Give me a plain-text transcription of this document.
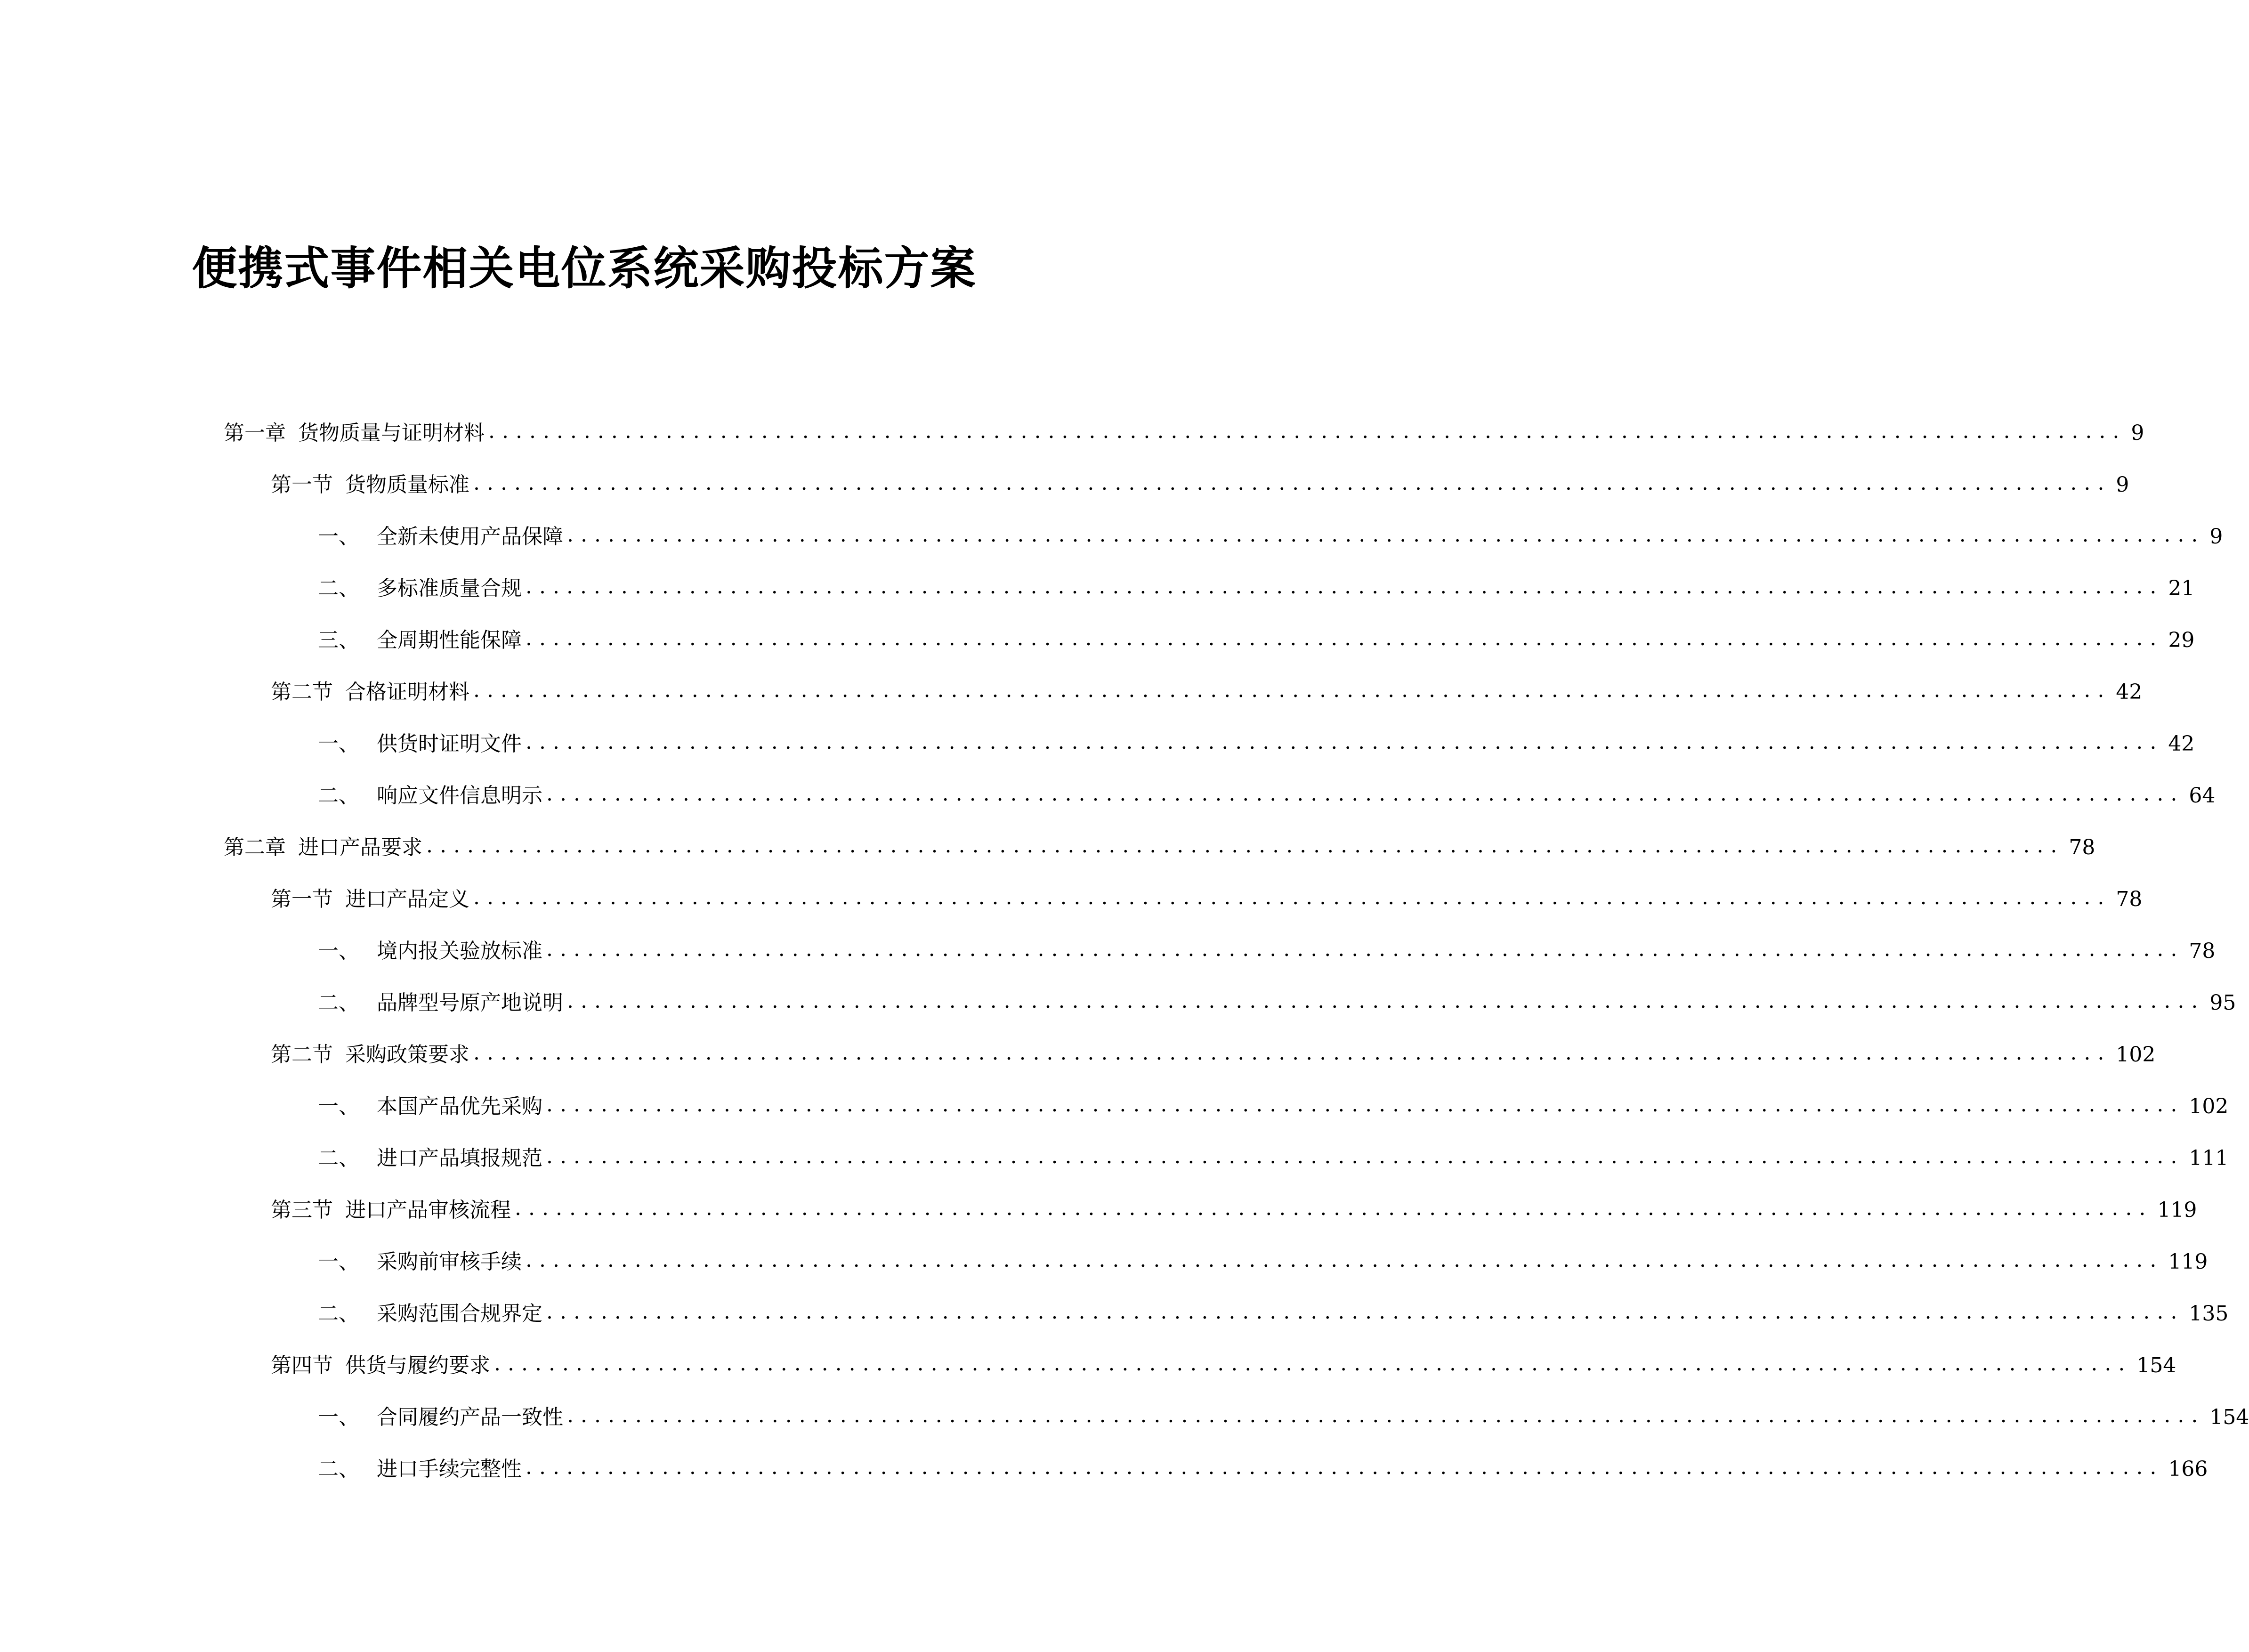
便携式事件相关电位系统采购投标方案
第一章 货物质量与证明材料 ........................................................................................................................ 9
第一节 货物质量标准 ........................................................................................................................ 9
一、 全新未使用产品保障 ........................................................................................................................ 9
二、 多标准质量合规 ........................................................................................................................ 21
三、 全周期性能保障 ........................................................................................................................ 29
第二节 合格证明材料 ........................................................................................................................ 42
一、 供货时证明文件 ........................................................................................................................ 42
二、 响应文件信息明示 ........................................................................................................................ 64
第二章 进口产品要求 ........................................................................................................................ 78
第一节 进口产品定义 ........................................................................................................................ 78
一、 境内报关验放标准 ........................................................................................................................ 78
二、 品牌型号原产地说明 ........................................................................................................................ 95
第二节 采购政策要求 ........................................................................................................................ 102
一、 本国产品优先采购 ........................................................................................................................ 102
二、 进口产品填报规范 ........................................................................................................................ 111
第三节 进口产品审核流程 ........................................................................................................................ 119
一、 采购前审核手续 ........................................................................................................................ 119
二、 采购范围合规界定 ........................................................................................................................ 135
第四节 供货与履约要求 ........................................................................................................................ 154
一、 合同履约产品一致性 ........................................................................................................................ 154
二、 进口手续完整性 ........................................................................................................................ 166
